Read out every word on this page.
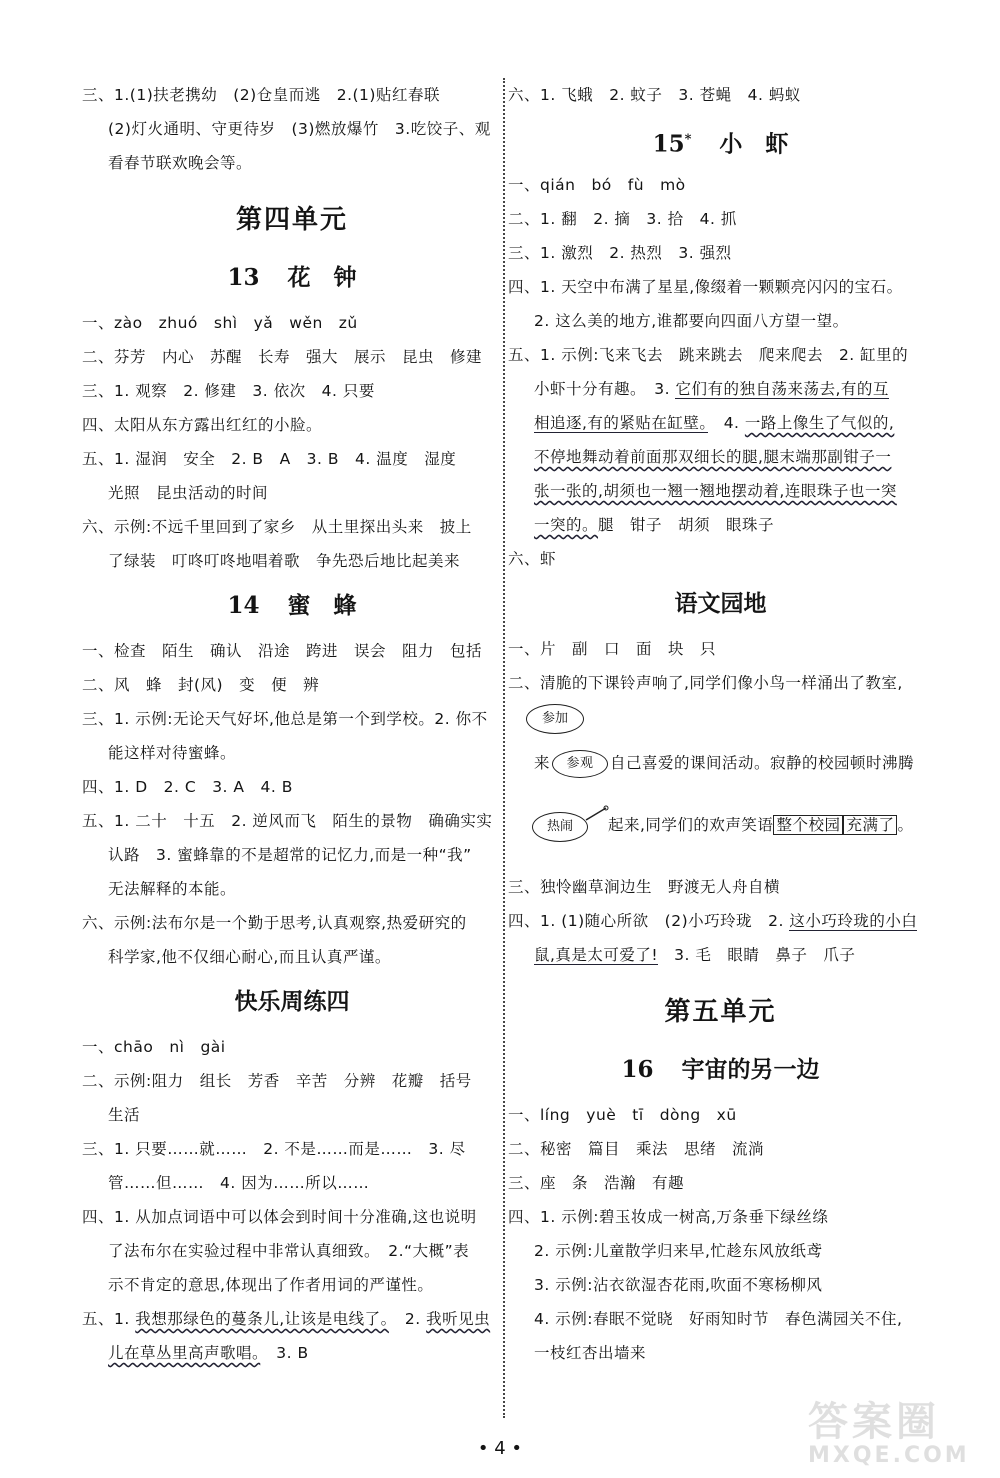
三、1.(1)扶老携幼　(2)仓皇而逃　2.(1)贴红春联
(2)灯火通明、守更待岁　(3)燃放爆竹　3.吃饺子、观
看春节联欢晚会等。
第四单元
13 花　钟
一、zào　zhuó　shì　yǎ　wěn　zǔ
二、芬芳　内心　苏醒　长寿　强大　展示　昆虫　修建
三、1. 观察　2. 修建　3. 依次　4. 只要
四、太阳从东方露出红红的小脸。
五、1. 湿润　安全　2. B　A　3. B　4. 温度　湿度
光照　昆虫活动的时间
六、示例:不远千里回到了家乡　从土里探出头来　披上
了绿装　叮咚叮咚地唱着歌　争先恐后地比起美来
14 蜜　蜂
一、检查　陌生　确认　沿途　跨进　误会　阻力　包括
二、风　蜂　封(风)　变　便　辨
三、1. 示例:无论天气好坏,他总是第一个到学校。2. 你不
能这样对待蜜蜂。
四、1. D　2. C　3. A　4. B
五、1. 二十　十五　2. 逆风而飞　陌生的景物　确确实实
认路　3. 蜜蜂靠的不是超常的记忆力,而是一种“我”
无法解释的本能。
六、示例:法布尔是一个勤于思考,认真观察,热爱研究的
科学家,他不仅细心耐心,而且认真严谨。
快乐周练四
一、chāo　nì　gài
二、示例:阻力　组长　芳香　辛苦　分辨　花瓣　括号
生活
三、1. 只要……就……　2. 不是……而是……　3. 尽
管……但……　4. 因为……所以……
四、1. 从加点词语中可以体会到时间十分准确,这也说明
了法布尔在实验过程中非常认真细致。　2.“大概”表
示不肯定的意思,体现出了作者用词的严谨性。
五、1. 我想那绿色的蔓条儿,让该是电线了。　2. 我听见虫
儿在草丛里高声歌唱。　3. B
六、1. 飞蛾　2. 蚊子　3. 苍蝇　4. 蚂蚁
15* 小　虾
一、qián　bó　fù　mò
二、1. 翻　2. 摘　3. 拾　4. 抓
三、1. 激烈　2. 热烈　3. 强烈
四、1. 天空中布满了星星,像缀着一颗颗亮闪闪的宝石。
2. 这么美的地方,谁都要向四面八方望一望。
五、1. 示例:飞来飞去　跳来跳去　爬来爬去　2. 缸里的
小虾十分有趣。　3. 它们有的独自荡来荡去,有的互
相追逐,有的紧贴在缸壁。　4. 一路上像生了气似的,
不停地舞动着前面那双细长的腿,腿末端那副钳子一
张一张的,胡须也一翘一翘地摆动着,连眼珠子也一突
一突的。腿　钳子　胡须　眼珠子
六、虾
语文园地
一、片　副　口　面　块　只
二、清脆的下课铃声响了,同学们像小鸟一样涌出了教室,
参加
来 参观 自己喜爱的课间活动。寂静的校园顿时沸腾
热闹	起来,同学们的欢声笑语 整个校园 充满了 。
三、独怜幽草涧边生　野渡无人舟自横
四、1. (1)随心所欲　(2)小巧玲珑　2. 这小巧玲珑的小白
鼠,真是太可爱了!　3. 毛　眼睛　鼻子　爪子
第五单元
16 宇宙的另一边
一、líng　yuè　tī　dòng　xū
二、秘密　篇目　乘法　思绪　流淌
三、座　条　浩瀚　有趣
四、1. 示例:碧玉妆成一树高,万条垂下绿丝绦
2. 示例:儿童散学归来早,忙趁东风放纸鸢
3. 示例:沾衣欲湿杏花雨,吹面不寒杨柳风
4. 示例:春眠不觉晓　好雨知时节　春色满园关不住,
一枝红杏出墙来
• 4 •
答案圈
MXQE.COM
